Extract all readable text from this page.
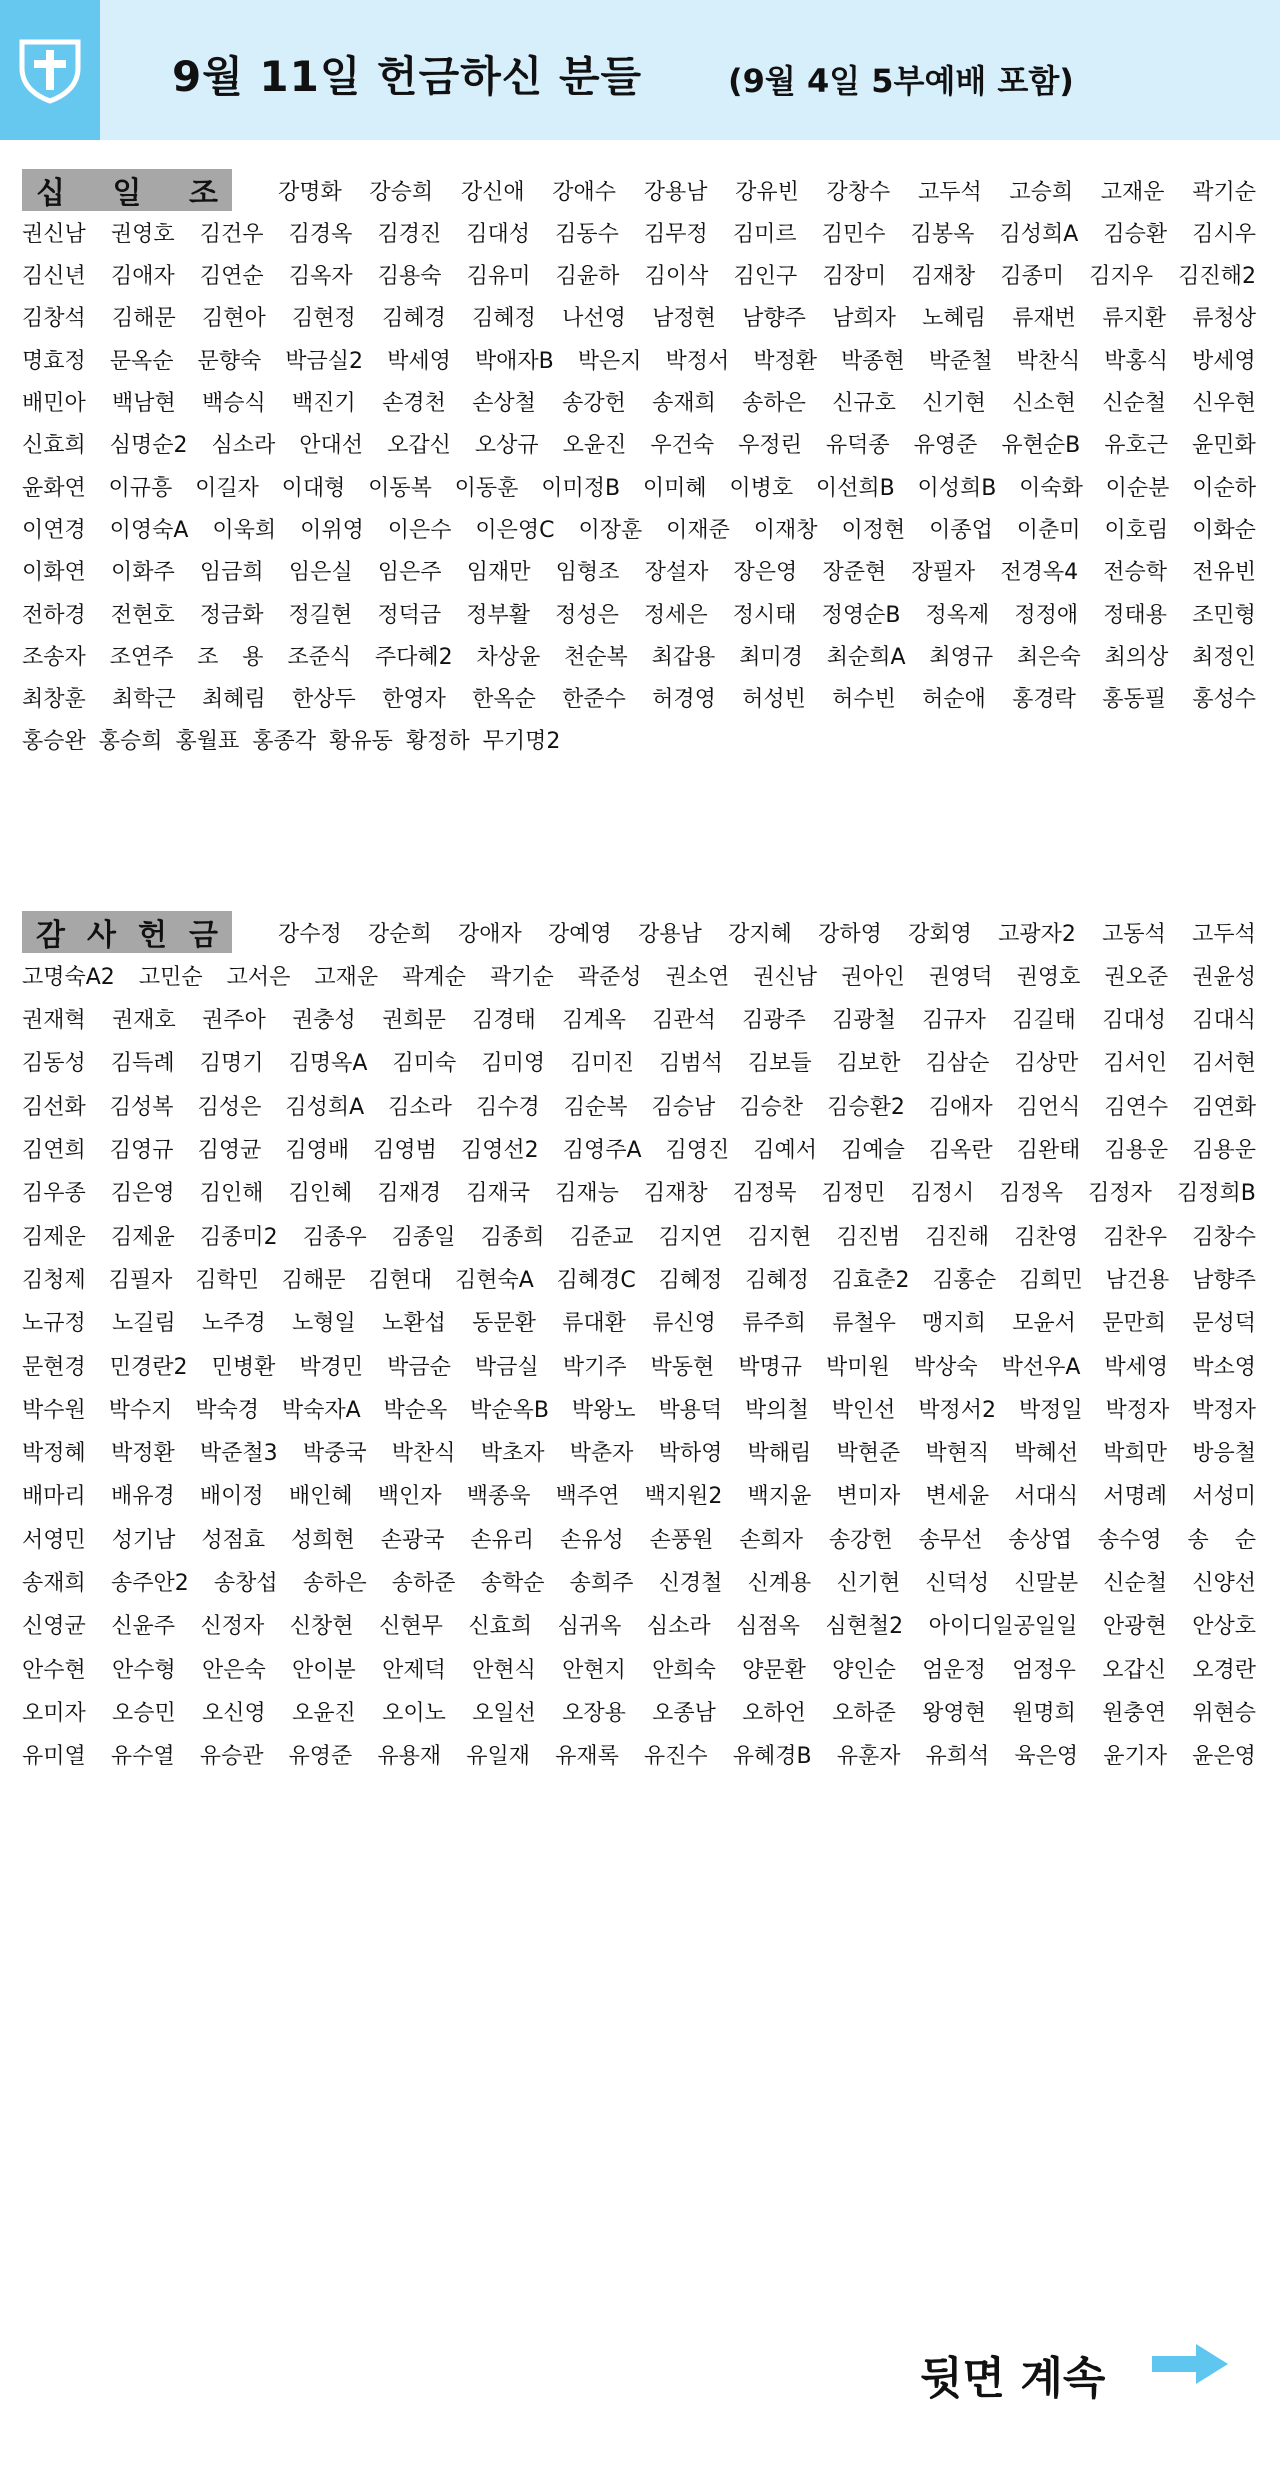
9월 11일 헌금하신 분들	(9월 4일 5부예배 포함)
십 일 조	강명화 강승희 강신애 강애수 강용남 강유빈 강창수 고두석 고승희 고재운 곽기순
권신남 권영호 김건우 김경옥 김경진 김대성 김동수 김무정 김미르 김민수 김봉옥 김성희A 김승환 김시우
김신년 김애자 김연순 김옥자 김용숙 김유미 김윤하 김이삭 김인구 김장미 김재창 김종미 김지우 김진해2
김창석 김해문 김현아 김현정 김혜경 김혜정 나선영 남정현 남향주 남희자 노혜림 류재번 류지환 류청상
명효정 문옥순 문향숙 박금실2 박세영 박애자B 박은지 박정서 박정환 박종현 박준철 박찬식 박홍식 방세영
배민아 백남현 백승식 백진기 손경천 손상철 송강헌 송재희 송하은 신규호 신기현 신소현 신순철 신우현
신효희 심명순2 심소라 안대선 오갑신 오상규 오윤진 우건숙 우정린 유덕종 유영준 유현순B 유호근 윤민화
윤화연 이규흥 이길자 이대형 이동복 이동훈 이미정B 이미혜 이병호 이선희B 이성희B 이숙화 이순분 이순하
이연경 이영숙A 이욱희 이위영 이은수 이은영C 이장훈 이재준 이재창 이정현 이종업 이춘미 이호림 이화순
이화연 이화주 임금희 임은실 임은주 임재만 임형조 장설자 장은영 장준현 장필자 전경옥4 전승학 전유빈
전하경 전현호 정금화 정길현 정덕금 정부활 정성은 정세은 정시태 정영순B 정옥제 정정애 정태용 조민형
조송자 조연주 조 용 조준식 주다혜2 차상윤 천순복 최갑용 최미경 최순희A 최영규 최은숙 최의상 최정인
최창훈 최학근 최혜림 한상두 한영자 한옥순 한준수 허경영 허성빈 허수빈 허순애 홍경락 홍동필 홍성수
홍승완 홍승희 홍월표 홍종각 황유동 황정하 무기명2
감 사 헌 금	강수정 강순희 강애자 강예영 강용남 강지혜 강하영 강회영 고광자2 고동석 고두석
고명숙A2 고민순 고서은 고재운 곽계순 곽기순 곽준성 권소연 권신남 권아인 권영덕 권영호 권오준 권윤성
권재혁 권재호 권주아 권충성 권희문 김경태 김계옥 김관석 김광주 김광철 김규자 김길태 김대성 김대식
김동성 김득례 김명기 김명옥A 김미숙 김미영 김미진 김범석 김보들 김보한 김삼순 김상만 김서인 김서현
김선화 김성복 김성은 김성희A 김소라 김수경 김순복 김승남 김승찬 김승환2 김애자 김언식 김연수 김연화
김연희 김영규 김영균 김영배 김영범 김영선2 김영주A 김영진 김예서 김예슬 김옥란 김완태 김용운 김용운
김우종 김은영 김인해 김인혜 김재경 김재국 김재능 김재창 김정묵 김정민 김정시 김정옥 김정자 김정희B
김제운 김제윤 김종미2 김종우 김종일 김종희 김준교 김지연 김지현 김진범 김진해 김찬영 김찬우 김창수
김청제 김필자 김학민 김해문 김현대 김현숙A 김혜경C 김혜정 김혜정 김효춘2 김홍순 김희민 남건용 남향주
노규정 노길림 노주경 노형일 노환섭 동문환 류대환 류신영 류주희 류철우 맹지희 모윤서 문만희 문성덕
문현경 민경란2 민병환 박경민 박금순 박금실 박기주 박동현 박명규 박미원 박상숙 박선우A 박세영 박소영
박수원 박수지 박숙경 박숙자A 박순옥 박순옥B 박왕노 박용덕 박의철 박인선 박정서2 박정일 박정자 박정자
박정혜 박정환 박준철3 박중국 박찬식 박초자 박춘자 박하영 박해림 박현준 박현직 박혜선 박희만 방응철
배마리 배유경 배이정 배인혜 백인자 백종욱 백주연 백지원2 백지윤 변미자 변세윤 서대식 서명례 서성미
서영민 성기남 성점효 성희현 손광국 손유리 손유성 손풍원 손희자 송강헌 송무선 송상엽 송수영 송 순
송재희 송주안2 송창섭 송하은 송하준 송학순 송희주 신경철 신계용 신기현 신덕성 신말분 신순철 신양선
신영균 신윤주 신정자 신창현 신현무 신효희 심귀옥 심소라 심점옥 심현철2 아이디일공일일 안광현 안상호
안수현 안수형 안은숙 안이분 안제덕 안현식 안현지 안희숙 양문환 양인순 엄운정 엄정우 오갑신 오경란
오미자 오승민 오신영 오윤진 오이노 오일선 오장용 오종남 오하언 오하준 왕영현 원명희 원충연 위현승
유미열 유수열 유승관 유영준 유용재 유일재 유재록 유진수 유혜경B 유훈자 유희석 육은영 윤기자 윤은영
뒷면 계속
